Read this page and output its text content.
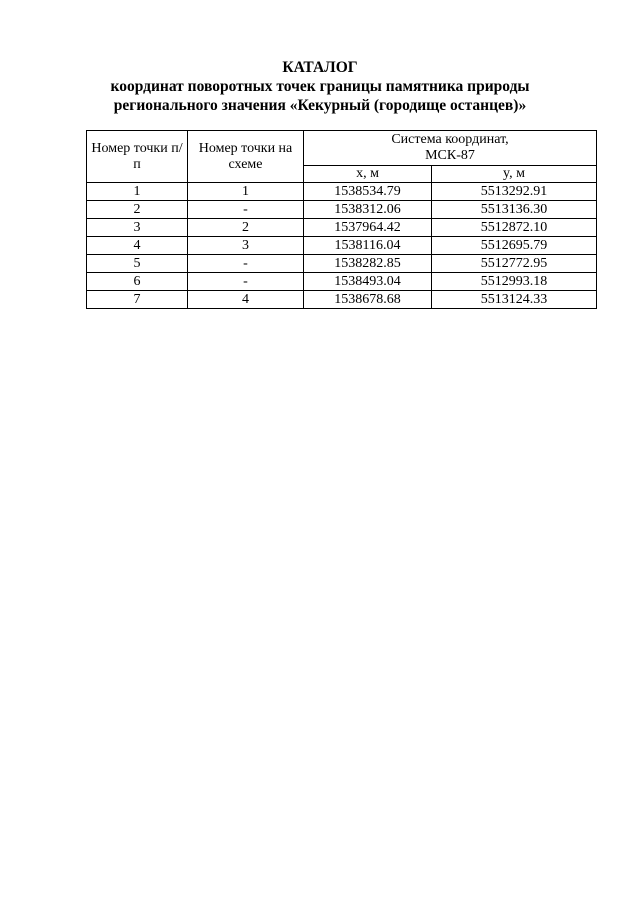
КАТАЛОГ
координат поворотных точек границы памятника природы
регионального значения «Кекурный (городище останцев)»
Номер точки п/п	Номер точки на схеме	Система координат, МСК-87	
		x, м	y, м
1	1	1538534.79	5513292.91
2	-	1538312.06	5513136.30
3	2	1537964.42	5512872.10
4	3	1538116.04	5512695.79
5	-	1538282.85	5512772.95
6	-	1538493.04	5512993.18
7	4	1538678.68	5513124.33
